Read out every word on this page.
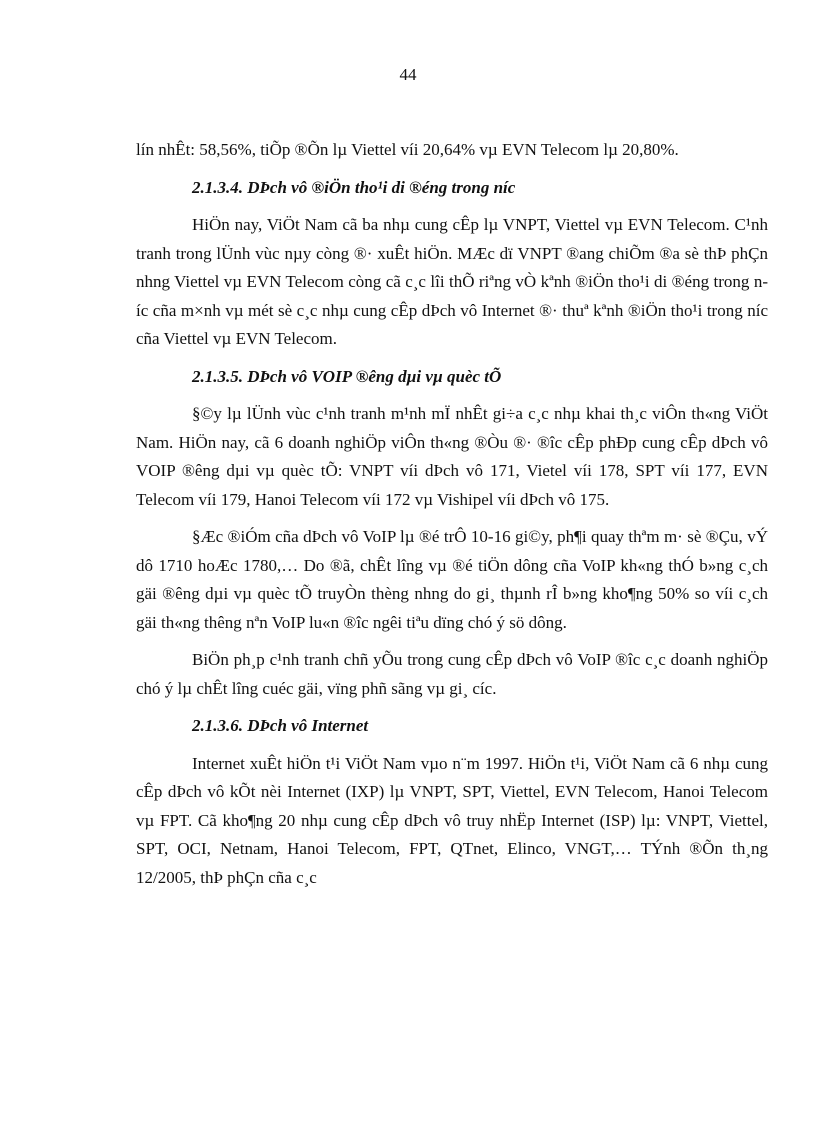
44

lín nhÊt: 58,56%, tiÕp ®Õn lµ Viettel víi 20,64% vµ EVN Telecom lµ 20,80%.

2.1.3.4. DÞch vô ®iÖn tho¹i di ®éng trong níc

HiÖn nay, ViÖt Nam cã ba nhµ cung cÊp lµ VNPT, Viettel vµ EVN Telecom. C¹nh tranh trong lÜnh vùc nµy còng ®· xuÊt hiÖn. MÆc dï VNPT ®ang chiÕm ®a sè thÞ phÇn nhng Viettel vµ EVN Telecom còng cã c¸c lîi thÕ riªng vÒ kªnh ®iÖn tho¹i di ®éng trong níc cña m×nh vµ mét sè c¸c nhµ cung cÊp dÞch vô Internet ®· thuª kªnh ®iÖn tho¹i trong níc cña Viettel vµ EVN Telecom.

2.1.3.5. DÞch vô VOIP ®êng dµi vµ quèc tÕ

§©y lµ lÜnh vùc c¹nh tranh m¹nh mÏ nhÊt gi÷a c¸c nhµ khai th¸c viÔn th«ng ViÖt Nam. HiÖn nay, cã 6 doanh nghiÖp viÔn th«ng ®Òu ®· ®îc cÊp phÐp cung cÊp dÞch vô VOIP ®êng dµi vµ quèc tÕ: VNPT víi dÞch vô 171, Vietel víi 178, SPT víi 177, EVN Telecom víi 179, Hanoi Telecom víi 172 vµ Vishipel víi dÞch vô 175.

§Æc ®iÓm cña dÞch vô VoIP lµ ®é trÔ 10-16 gi©y, ph¶i quay thªm m· sè ®Çu, vÝ dô 1710 hoÆc 1780,… Do ®ã, chÊt lîng vµ ®é tiÖn dông cña VoIP kh«ng thÓ b»ng c¸ch gäi ®êng dµi vµ quèc tÕ truyÒn thèng nhng do gi¸ thµnh rÎ b»ng kho¶ng 50% so víi c¸ch gäi th«ng thêng nªn VoIP lu«n ®îc ngêi tiªu dïng chó ý sö dông.

BiÖn ph¸p c¹nh tranh chñ yÕu trong cung cÊp dÞch vô VoIP ®îc c¸c doanh nghiÖp chó ý lµ chÊt lîng cuéc gäi, vïng phñ sãng vµ gi¸ cíc.

2.1.3.6. DÞch vô Internet

Internet xuÊt hiÖn t¹i ViÖt Nam vµo n¨m 1997. HiÖn t¹i, ViÖt Nam cã 6 nhµ cung cÊp dÞch vô kÕt nèi Internet (IXP) lµ VNPT, SPT, Viettel, EVN Telecom, Hanoi Telecom vµ FPT. Cã kho¶ng 20 nhµ cung cÊp dÞch vô truy nhËp Internet (ISP) lµ: VNPT, Viettel, SPT, OCI, Netnam, Hanoi Telecom, FPT, QTnet, Elinco, VNGT,… TÝnh ®Õn th¸ng 12/2005, thÞ phÇn cña c¸c
